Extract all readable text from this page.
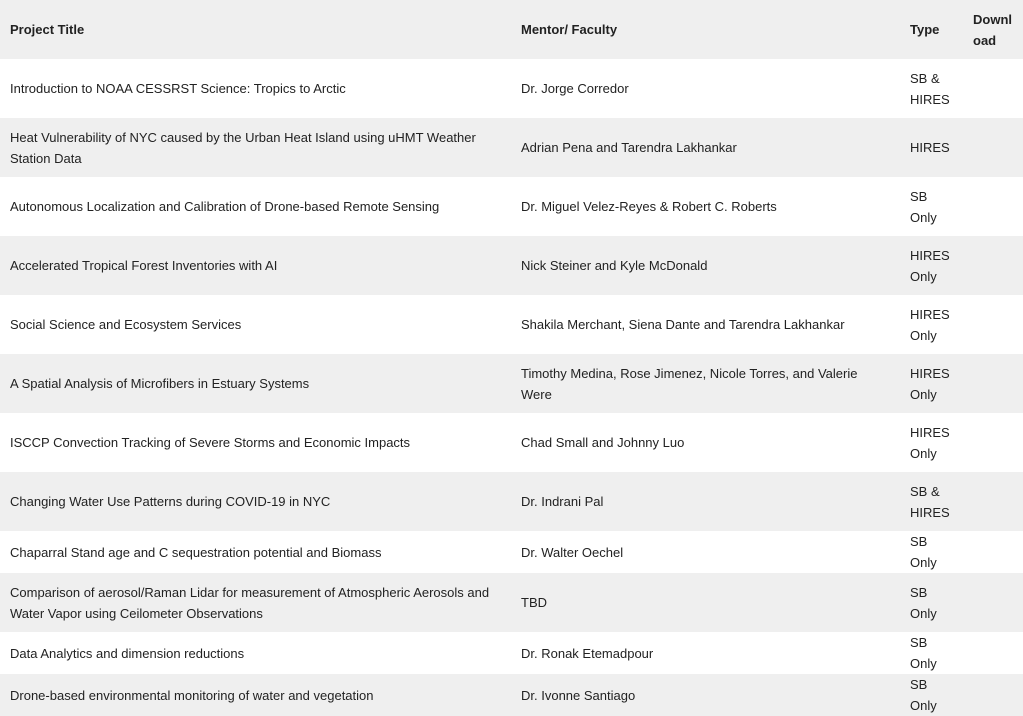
Project Title	Mentor/ Faculty	Type	Downl oad
Introduction to NOAA CESSRST Science: Tropics to Arctic	Dr. Jorge Corredor	SB & HIRES	
Heat Vulnerability of NYC caused by the Urban Heat Island using uHMT Weather Station Data	Adrian Pena and Tarendra Lakhankar	HIRES	
Autonomous Localization and Calibration of Drone-based Remote Sensing	Dr. Miguel Velez-Reyes & Robert C. Roberts	SB Only	
Accelerated Tropical Forest Inventories with AI	Nick Steiner and Kyle McDonald	HIRES Only	
Social Science and Ecosystem Services	Shakila Merchant, Siena Dante and Tarendra Lakhankar	HIRES Only	
A Spatial Analysis of Microfibers in Estuary Systems	Timothy Medina, Rose Jimenez, Nicole Torres, and Valerie Were	HIRES Only	
ISCCP Convection Tracking of Severe Storms and Economic Impacts	Chad Small and Johnny Luo	HIRES Only	
Changing Water Use Patterns during COVID-19 in NYC	Dr. Indrani Pal	SB & HIRES	
Chaparral Stand age and C sequestration potential and Biomass	Dr. Walter Oechel	SB Only	
Comparison of aerosol/Raman Lidar for measurement of Atmospheric Aerosols and Water Vapor using Ceilometer Observations	TBD	SB Only	
Data Analytics and dimension reductions	Dr. Ronak Etemadpour	SB Only	
Drone-based environmental monitoring of water and vegetation	Dr. Ivonne Santiago	SB Only	
